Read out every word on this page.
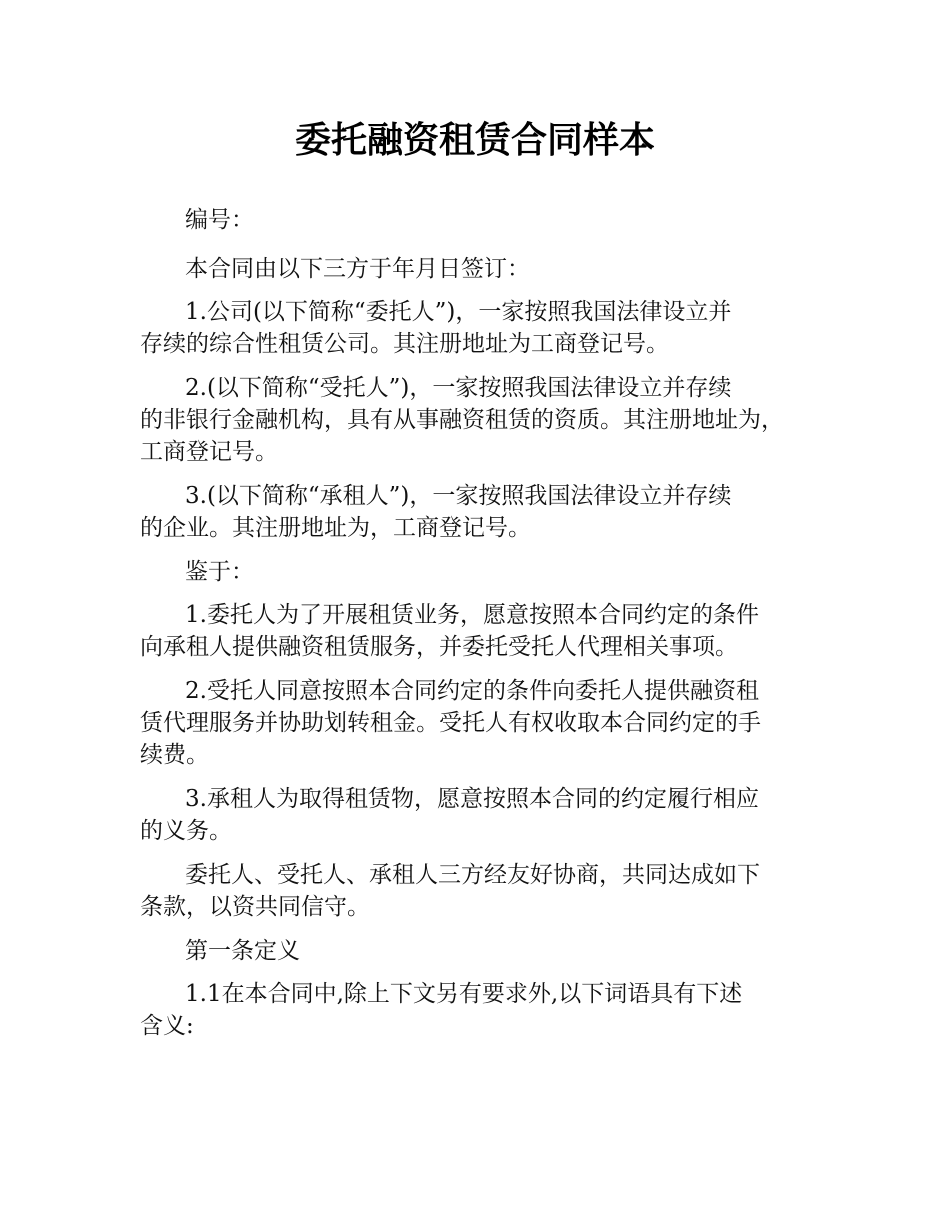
委托融资租赁合同样本

编号：

本合同由以下三方于年月日签订：

1.公司(以下简称“委托人”)，一家按照我国法律设立并
存续的综合性租赁公司。其注册地址为工商登记号。

2.(以下简称“受托人”)，一家按照我国法律设立并存续
的非银行金融机构，具有从事融资租赁的资质。其注册地址为，
工商登记号。

3.(以下简称“承租人”)，一家按照我国法律设立并存续
的企业。其注册地址为，工商登记号。

鉴于：

1.委托人为了开展租赁业务，愿意按照本合同约定的条件
向承租人提供融资租赁服务，并委托受托人代理相关事项。

2.受托人同意按照本合同约定的条件向委托人提供融资租
赁代理服务并协助划转租金。受托人有权收取本合同约定的手
续费。

3.承租人为取得租赁物，愿意按照本合同的约定履行相应
的义务。

委托人、受托人、承租人三方经友好协商，共同达成如下
条款，以资共同信守。

第一条定义

1.1在本合同中,除上下文另有要求外,以下词语具有下述
含义:
